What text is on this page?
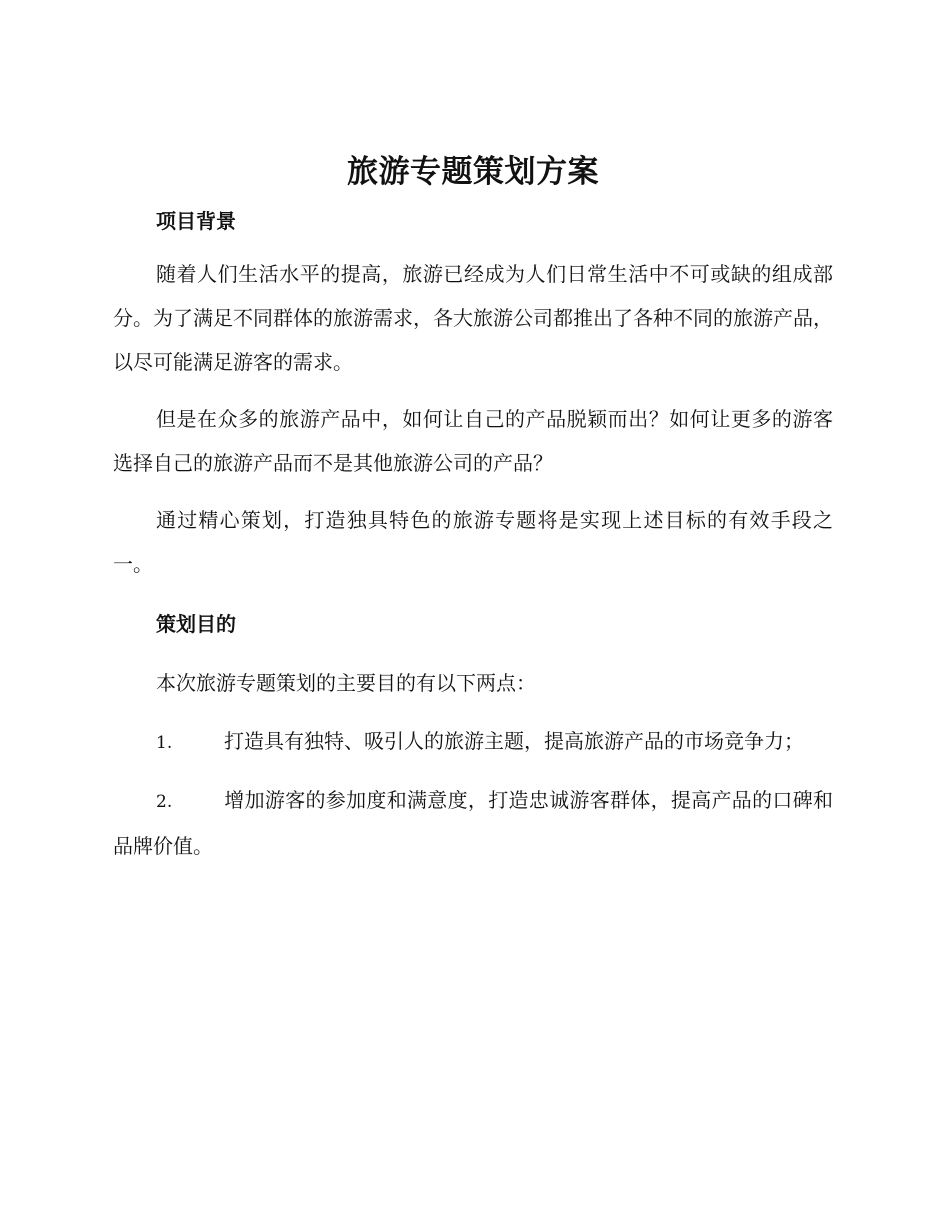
旅游专题策划方案
项目背景

随着人们生活水平的提高，旅游已经成为人们日常生活中不可或缺的组成部分。为了满足不同群体的旅游需求，各大旅游公司都推出了各种不同的旅游产品，以尽可能满足游客的需求。

但是在众多的旅游产品中，如何让自己的产品脱颖而出？如何让更多的游客选择自己的旅游产品而不是其他旅游公司的产品？

通过精心策划，打造独具特色的旅游专题将是实现上述目标的有效手段之一。

策划目的

本次旅游专题策划的主要目的有以下两点：

1.	打造具有独特、吸引人的旅游主题，提高旅游产品的市场竞争力；

2.	增加游客的参加度和满意度，打造忠诚游客群体，提高产品的口碑和品牌价值。
